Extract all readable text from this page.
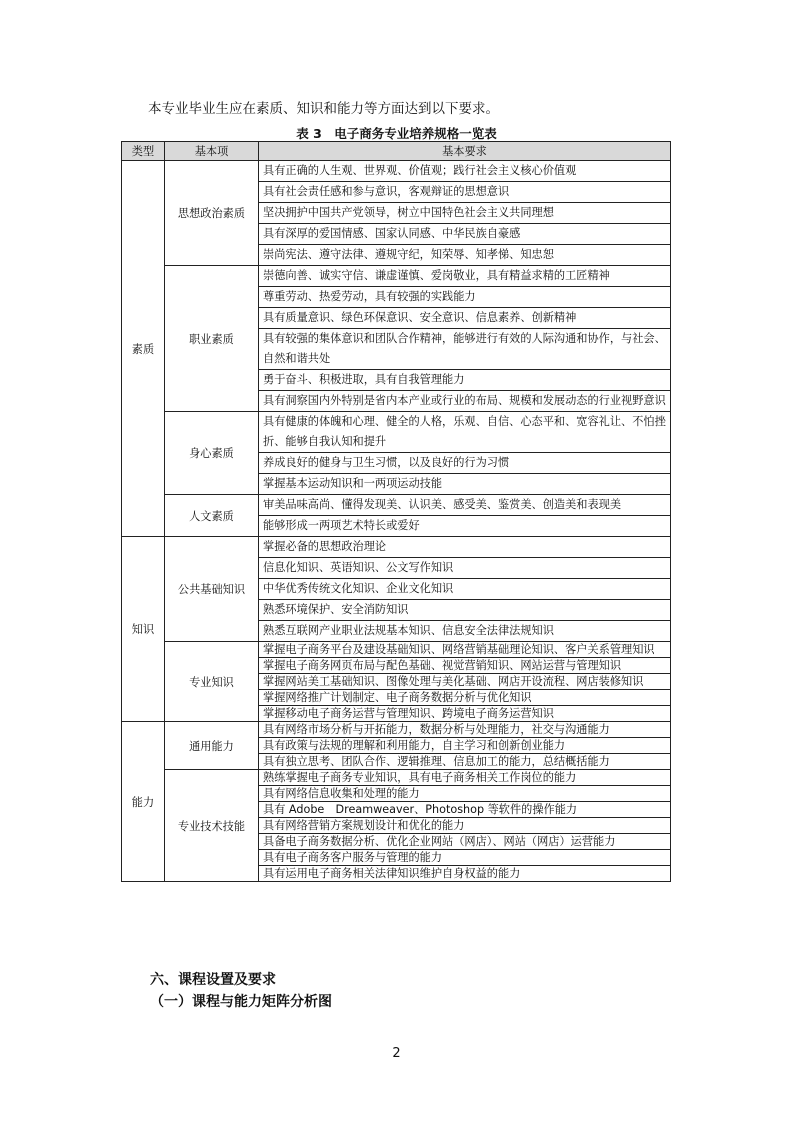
本专业毕业生应在素质、知识和能力等方面达到以下要求。
表 3　电子商务专业培养规格一览表
类型	基本项	基本要求
素质	思想政治素质	具有正确的人生观、世界观、价值观；践行社会主义核心价值观
		具有社会责任感和参与意识，客观辩证的思想意识
		坚决拥护中国共产党领导，树立中国特色社会主义共同理想
		具有深厚的爱国情感、国家认同感、中华民族自豪感
		崇尚宪法、遵守法律、遵规守纪，知荣辱、知孝悌、知忠恕
	职业素质	崇德向善、诚实守信、谦虚谨慎、爱岗敬业，具有精益求精的工匠精神
		尊重劳动、热爱劳动，具有较强的实践能力
		具有质量意识、绿色环保意识、安全意识、信息素养、创新精神
		具有较强的集体意识和团队合作精神，能够进行有效的人际沟通和协作，与社会、自然和谐共处
		勇于奋斗、积极进取，具有自我管理能力
		具有洞察国内外特别是省内本产业或行业的布局、规模和发展动态的行业视野意识
	身心素质	具有健康的体魄和心理、健全的人格，乐观、自信、心态平和、宽容礼让、不怕挫折、能够自我认知和提升
		养成良好的健身与卫生习惯，以及良好的行为习惯
		掌握基本运动知识和一两项运动技能
	人文素质	审美品味高尚、懂得发现美、认识美、感受美、鉴赏美、创造美和表现美
		能够形成一两项艺术特长或爱好
知识	公共基础知识	掌握必备的思想政治理论
		信息化知识、英语知识、公文写作知识
		中华优秀传统文化知识、企业文化知识
		熟悉环境保护、安全消防知识
		熟悉互联网产业职业法规基本知识、信息安全法律法规知识
	专业知识	掌握电子商务平台及建设基础知识、网络营销基础理论知识、客户关系管理知识
		掌握电子商务网页布局与配色基础、视觉营销知识、网站运营与管理知识
		掌握网站美工基础知识、图像处理与美化基础、网店开设流程、网店装修知识
		掌握网络推广计划制定、电子商务数据分析与优化知识
		掌握移动电子商务运营与管理知识、跨境电子商务运营知识
能力	通用能力	具有网络市场分析与开拓能力，数据分析与处理能力，社交与沟通能力
		具有政策与法规的理解和利用能力，自主学习和创新创业能力
		具有独立思考、团队合作、逻辑推理、信息加工的能力，总结概括能力
	专业技术技能	熟练掌握电子商务专业知识，具有电子商务相关工作岗位的能力
		具有网络信息收集和处理的能力
		具有 Adobe　Dreamweaver、Photoshop 等软件的操作能力
		具有网络营销方案规划设计和优化的能力
		具备电子商务数据分析、优化企业网站（网店）、网站（网店）运营能力
		具有电子商务客户服务与管理的能力
		具有运用电子商务相关法律知识维护自身权益的能力
六、课程设置及要求
（一）课程与能力矩阵分析图
2
